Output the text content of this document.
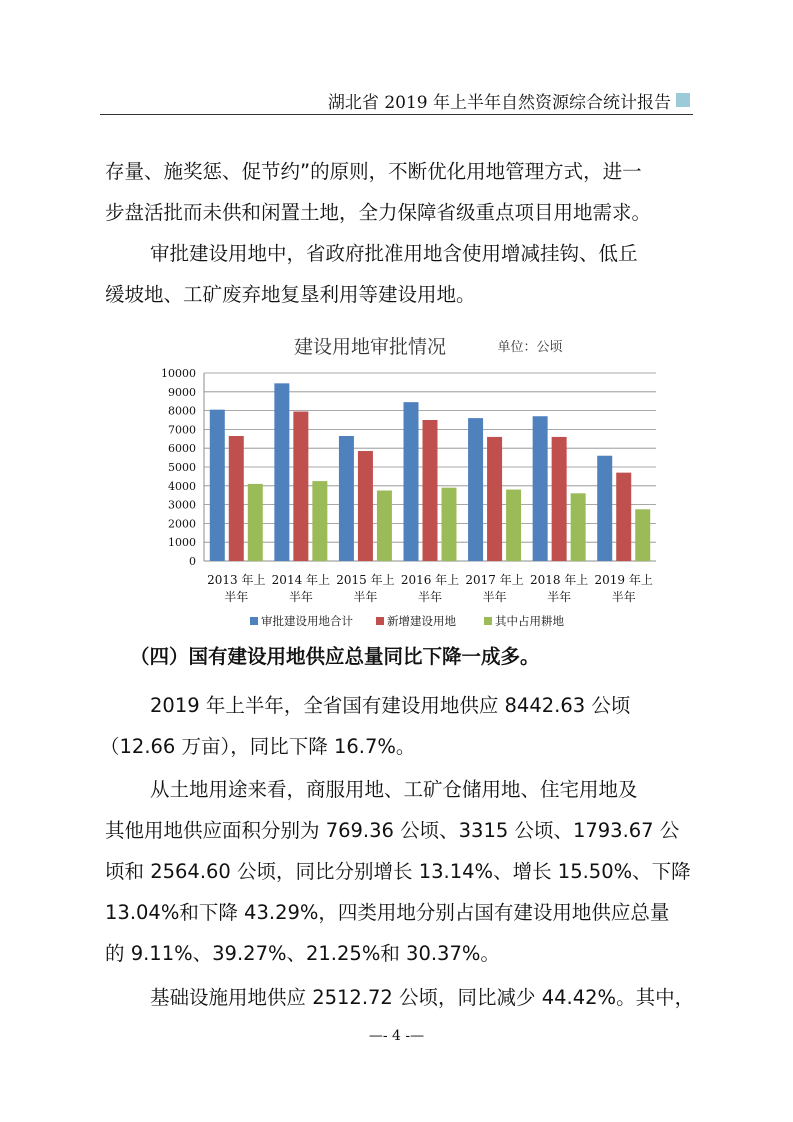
湖北省 2019 年上半年自然资源综合统计报告
存量、施奖惩、促节约”的原则，不断优化用地管理方式，进一
步盘活批而未供和闲置土地，全力保障省级重点项目用地需求。
审批建设用地中，省政府批准用地含使用增减挂钩、低丘
缓坡地、工矿废弃地复垦利用等建设用地。
0
1000
2000
3000
4000
5000
6000
7000
8000
9000
10000
2013 年上
半年
2014 年上
半年
2015 年上
半年
2016 年上
半年
2017 年上
半年
2018 年上
半年
2019 年上
半年
审批建设用地合计	新增建设用地	其中占用耕地
建设用地审批情况	单位：公顷
（四）国有建设用地供应总量同比下降一成多。
2019 年上半年，全省国有建设用地供应 8442.63 公顷
（12.66 万亩），同比下降 16.7%。
从土地用途来看，商服用地、工矿仓储用地、住宅用地及
其他用地供应面积分别为 769.36 公顷、3315 公顷、1793.67 公
顷和 2564.60 公顷，同比分别增长 13.14%、增长 15.50%、下降
13.04%和下降 43.29%，四类用地分别占国有建设用地供应总量
的 9.11%、39.27%、21.25%和 30.37%。
基础设施用地供应 2512.72 公顷，同比减少 44.42%。其中，
—- 4 -—
